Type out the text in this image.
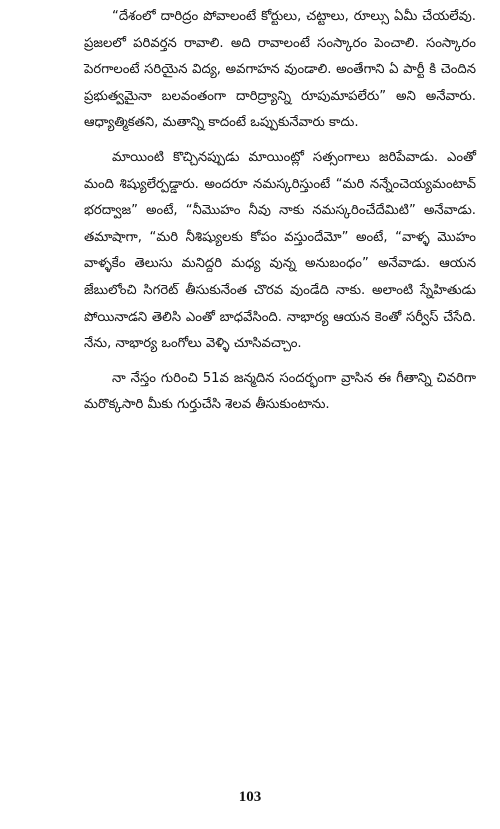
“దేశంలో దారిద్రం పోవాలంటే కోర్టులు, చట్టాలు, రూల్సు ఏమీ చేయలేవు. ప్రజలలో పరివర్తన రావాలి. అది రావాలంటే సంస్కారం పెంచాలి. సంస్కారం పెరగాలంటే సరియైన విద్య, అవగాహన వుండాలి. అంతేగాని ఏ పార్టీ కి చెందిన ప్రభుత్వమైనా బలవంతంగా దారిద్ర్యాన్ని రూపుమాపలేరు” అని అనేవారు. ఆధ్యాత్మికతని, మతాన్ని కాదంటే ఒప్పుకునేవారు కాదు.

మాయింటి కొచ్చినప్పుడు మాయింట్లో సత్సంగాలు జరిపేవాడు. ఎంతో మంది శిష్యులేర్పడ్డారు. అందరూ నమస్కరిస్తుంటే “మరి నన్నేంచెయ్యమంటావ్ భరద్వాజ” అంటే, “నీమొహం నీవు నాకు నమస్కరించేదేమిటి” అనేవాడు. తమాషాగా, “మరి నీశిష్యులకు కోపం వస్తుందేమో” అంటే, “వాళ్ళ మొహం వాళ్ళకేం తెలుసు మనిద్దరి మధ్య వున్న అనుబంధం” అనేవాడు. ఆయన జేబులోంచి సిగరెట్ తీసుకునేంత చొరవ వుండేది నాకు. అలాంటి స్నేహితుడు పోయినాడని తెలిసి ఎంతో బాధవేసింది. నాభార్య ఆయన కెంతో సర్వీస్ చేసేది. నేను, నాభార్య ఒంగోలు వెళ్ళి చూసివచ్చాం.

నా నేస్తం గురించి 51వ జన్మదిన సందర్భంగా వ్రాసిన ఈ గీతాన్ని చివరిగా మరొక్కసారి మీకు గుర్తుచేసి శెలవ తీసుకుంటాను.

103
